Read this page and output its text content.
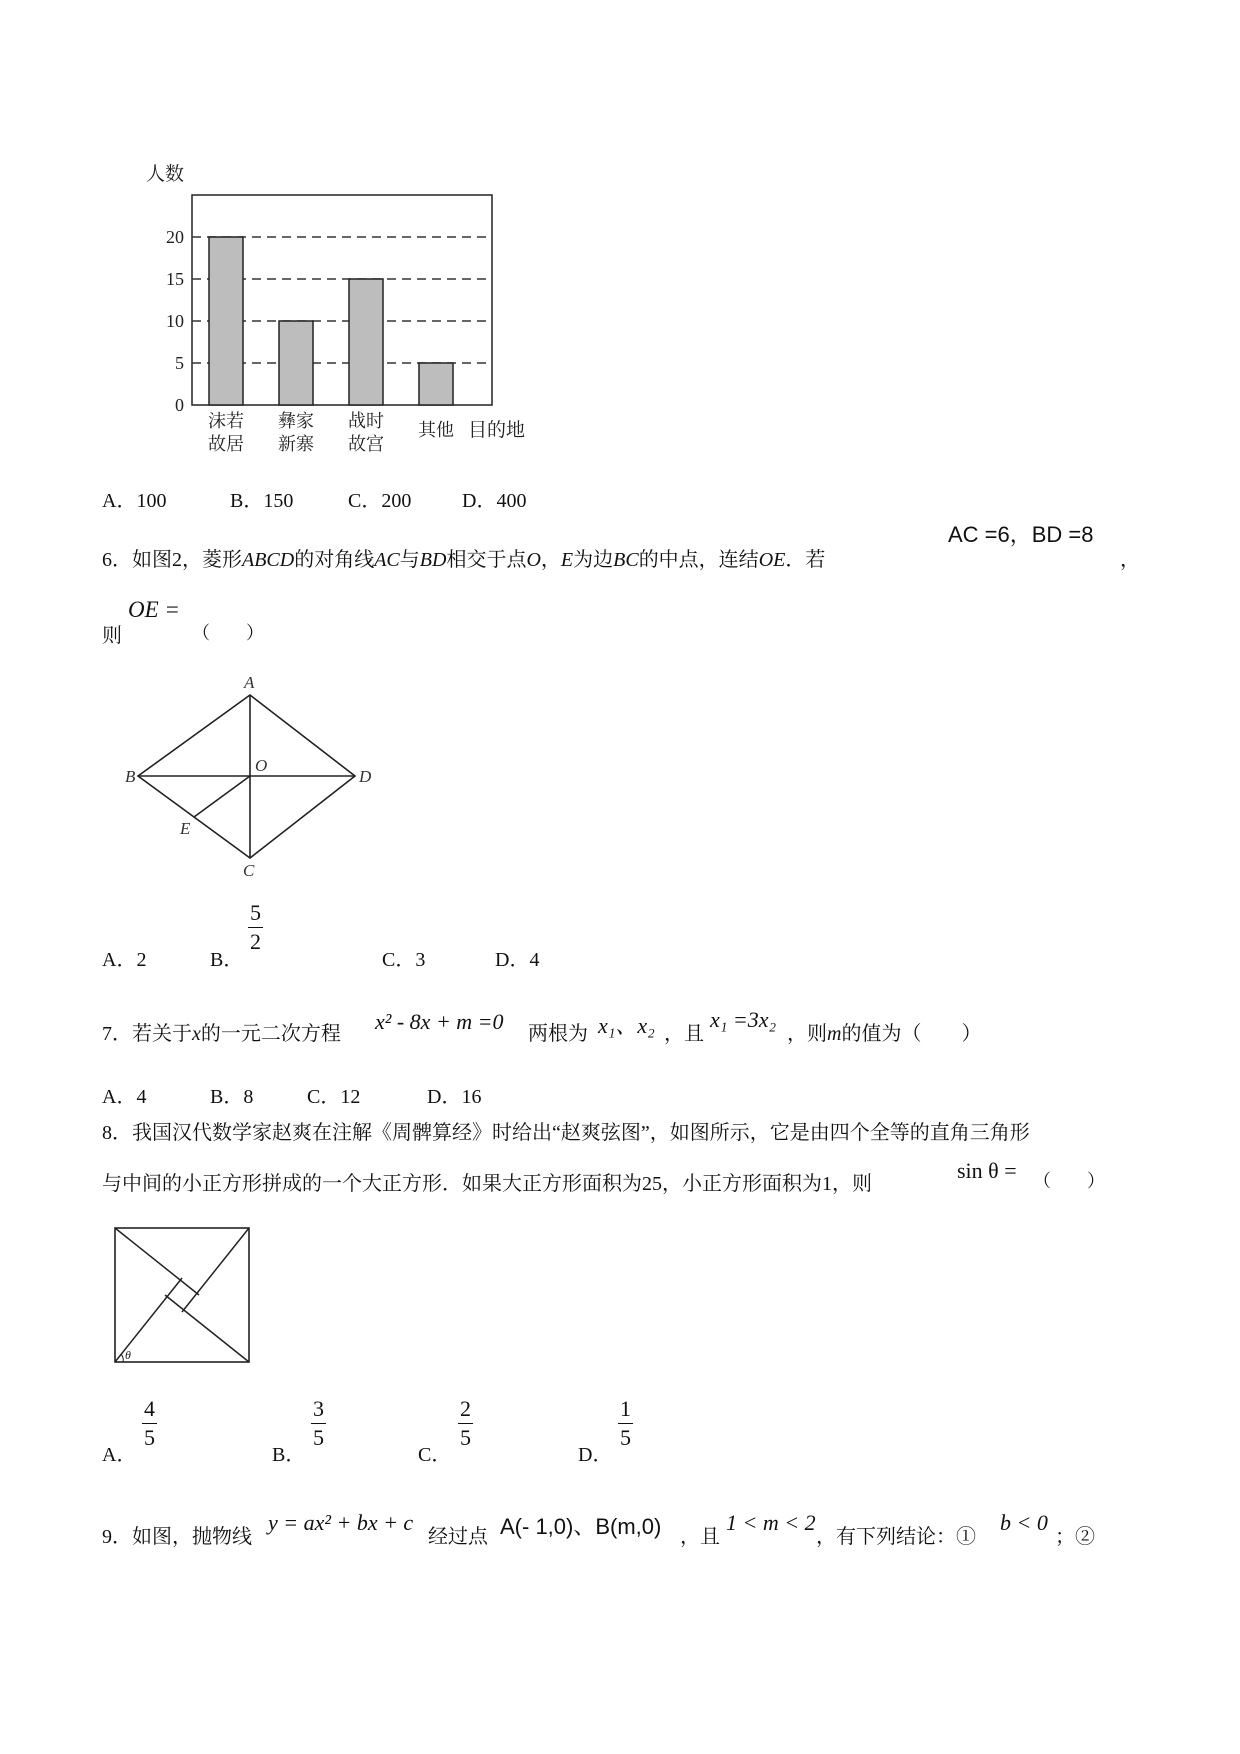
人数
0
5
10
15
20
沫若
故居
彝家
新寨
战时
故宫
其他 目的地
A．100	B．150	C．200	D．400
6．如图2，菱形ABCD的对角线AC与BD相交于点O，E为边BC的中点，连结OE．若
AC =6，BD =8
，
OE =
则	（　　）
A
B
C
D
O
E
A．2	B．
$\frac{5}{2}$
C．3	D．4
7．若关于x的一元二次方程 x² - 8x + m =0 两根为 x₁、x₂ ，且
x₁ =3x₂
，则m的值为（　　）
A．4	B．8	C．12	D．16
8．我国汉代数学家赵爽在注解《周髀算经》时给出“赵爽弦图”，如图所示，它是由四个全等的直角三角形
与中间的小正方形拼成的一个大正方形．如果大正方形面积为25，小正方形面积为1，则
sin θ = （　　）
θ
A．
$\frac{4}{5}$
B．
$\frac{3}{5}$
C．
$\frac{2}{5}$
D．
$\frac{1}{5}$
9．如图，抛物线
y = ax² + bx + c
经过点 A(- 1,0)、B(m,0) ，且
1 < m < 2
，有下列结论：①
b < 0
；②
